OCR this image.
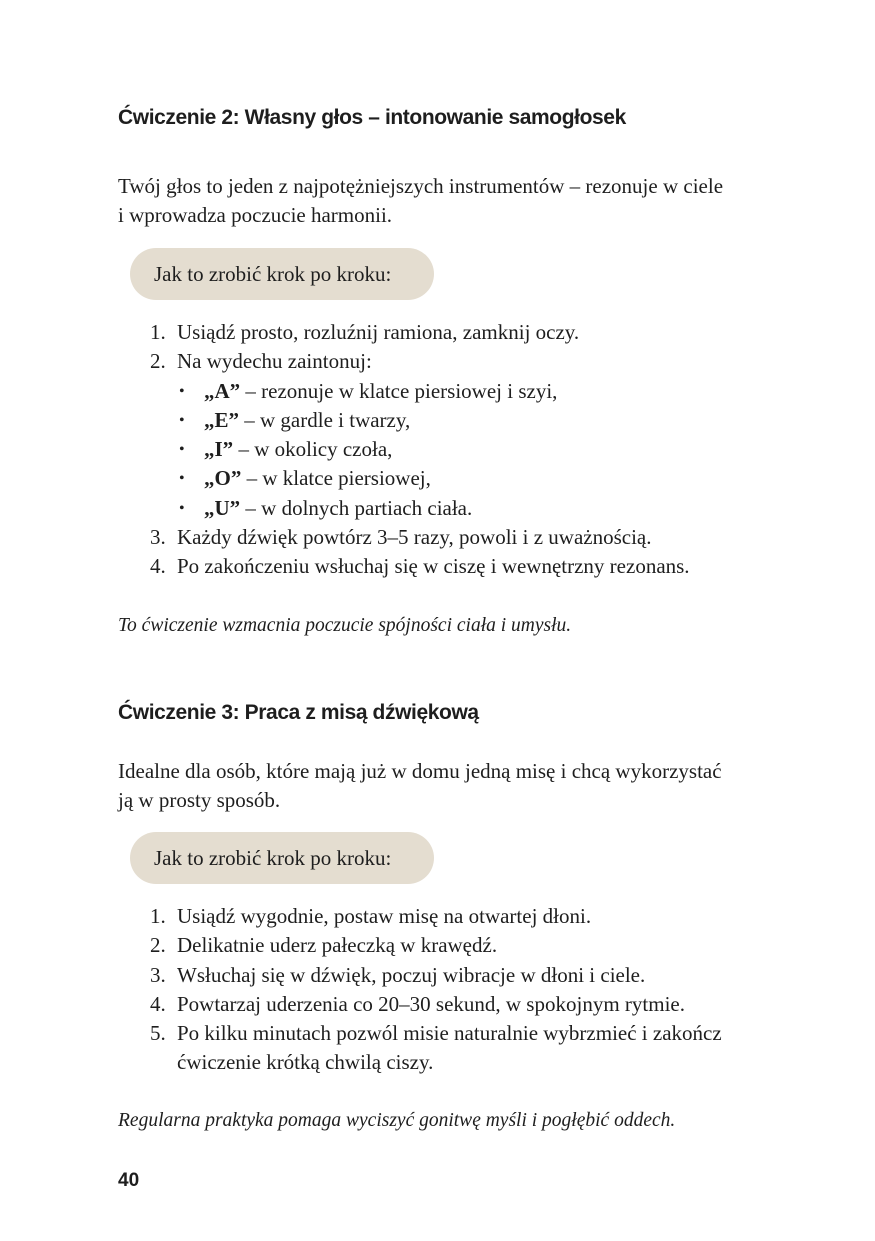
Ćwiczenie 2: Własny głos – intonowanie samogłosek

Twój głos to jeden z najpotężniejszych instrumentów – rezonuje w ciele
i wprowadza poczucie harmonii.

Jak to zrobić krok po kroku:
1. Usiądź prosto, rozluźnij ramiona, zamknij oczy.
2. Na wydechu zaintonuj:
• „A” – rezonuje w klatce piersiowej i szyi,
• „E” – w gardle i twarzy,
• „I” – w okolicy czoła,
• „O” – w klatce piersiowej,
• „U” – w dolnych partiach ciała.
3. Każdy dźwięk powtórz 3–5 razy, powoli i z uważnością.
4. Po zakończeniu wsłuchaj się w ciszę i wewnętrzny rezonans.

To ćwiczenie wzmacnia poczucie spójności ciała i umysłu.

Ćwiczenie 3: Praca z misą dźwiękową

Idealne dla osób, które mają już w domu jedną misę i chcą wykorzystać
ją w prosty sposób.

Jak to zrobić krok po kroku:
1. Usiądź wygodnie, postaw misę na otwartej dłoni.
2. Delikatnie uderz pałeczką w krawędź.
3. Wsłuchaj się w dźwięk, poczuj wibracje w dłoni i ciele.
4. Powtarzaj uderzenia co 20–30 sekund, w spokojnym rytmie.
5. Po kilku minutach pozwól misie naturalnie wybrzmieć i zakończ
ćwiczenie krótką chwilą ciszy.

Regularna praktyka pomaga wyciszyć gonitwę myśli i pogłębić oddech.

40
